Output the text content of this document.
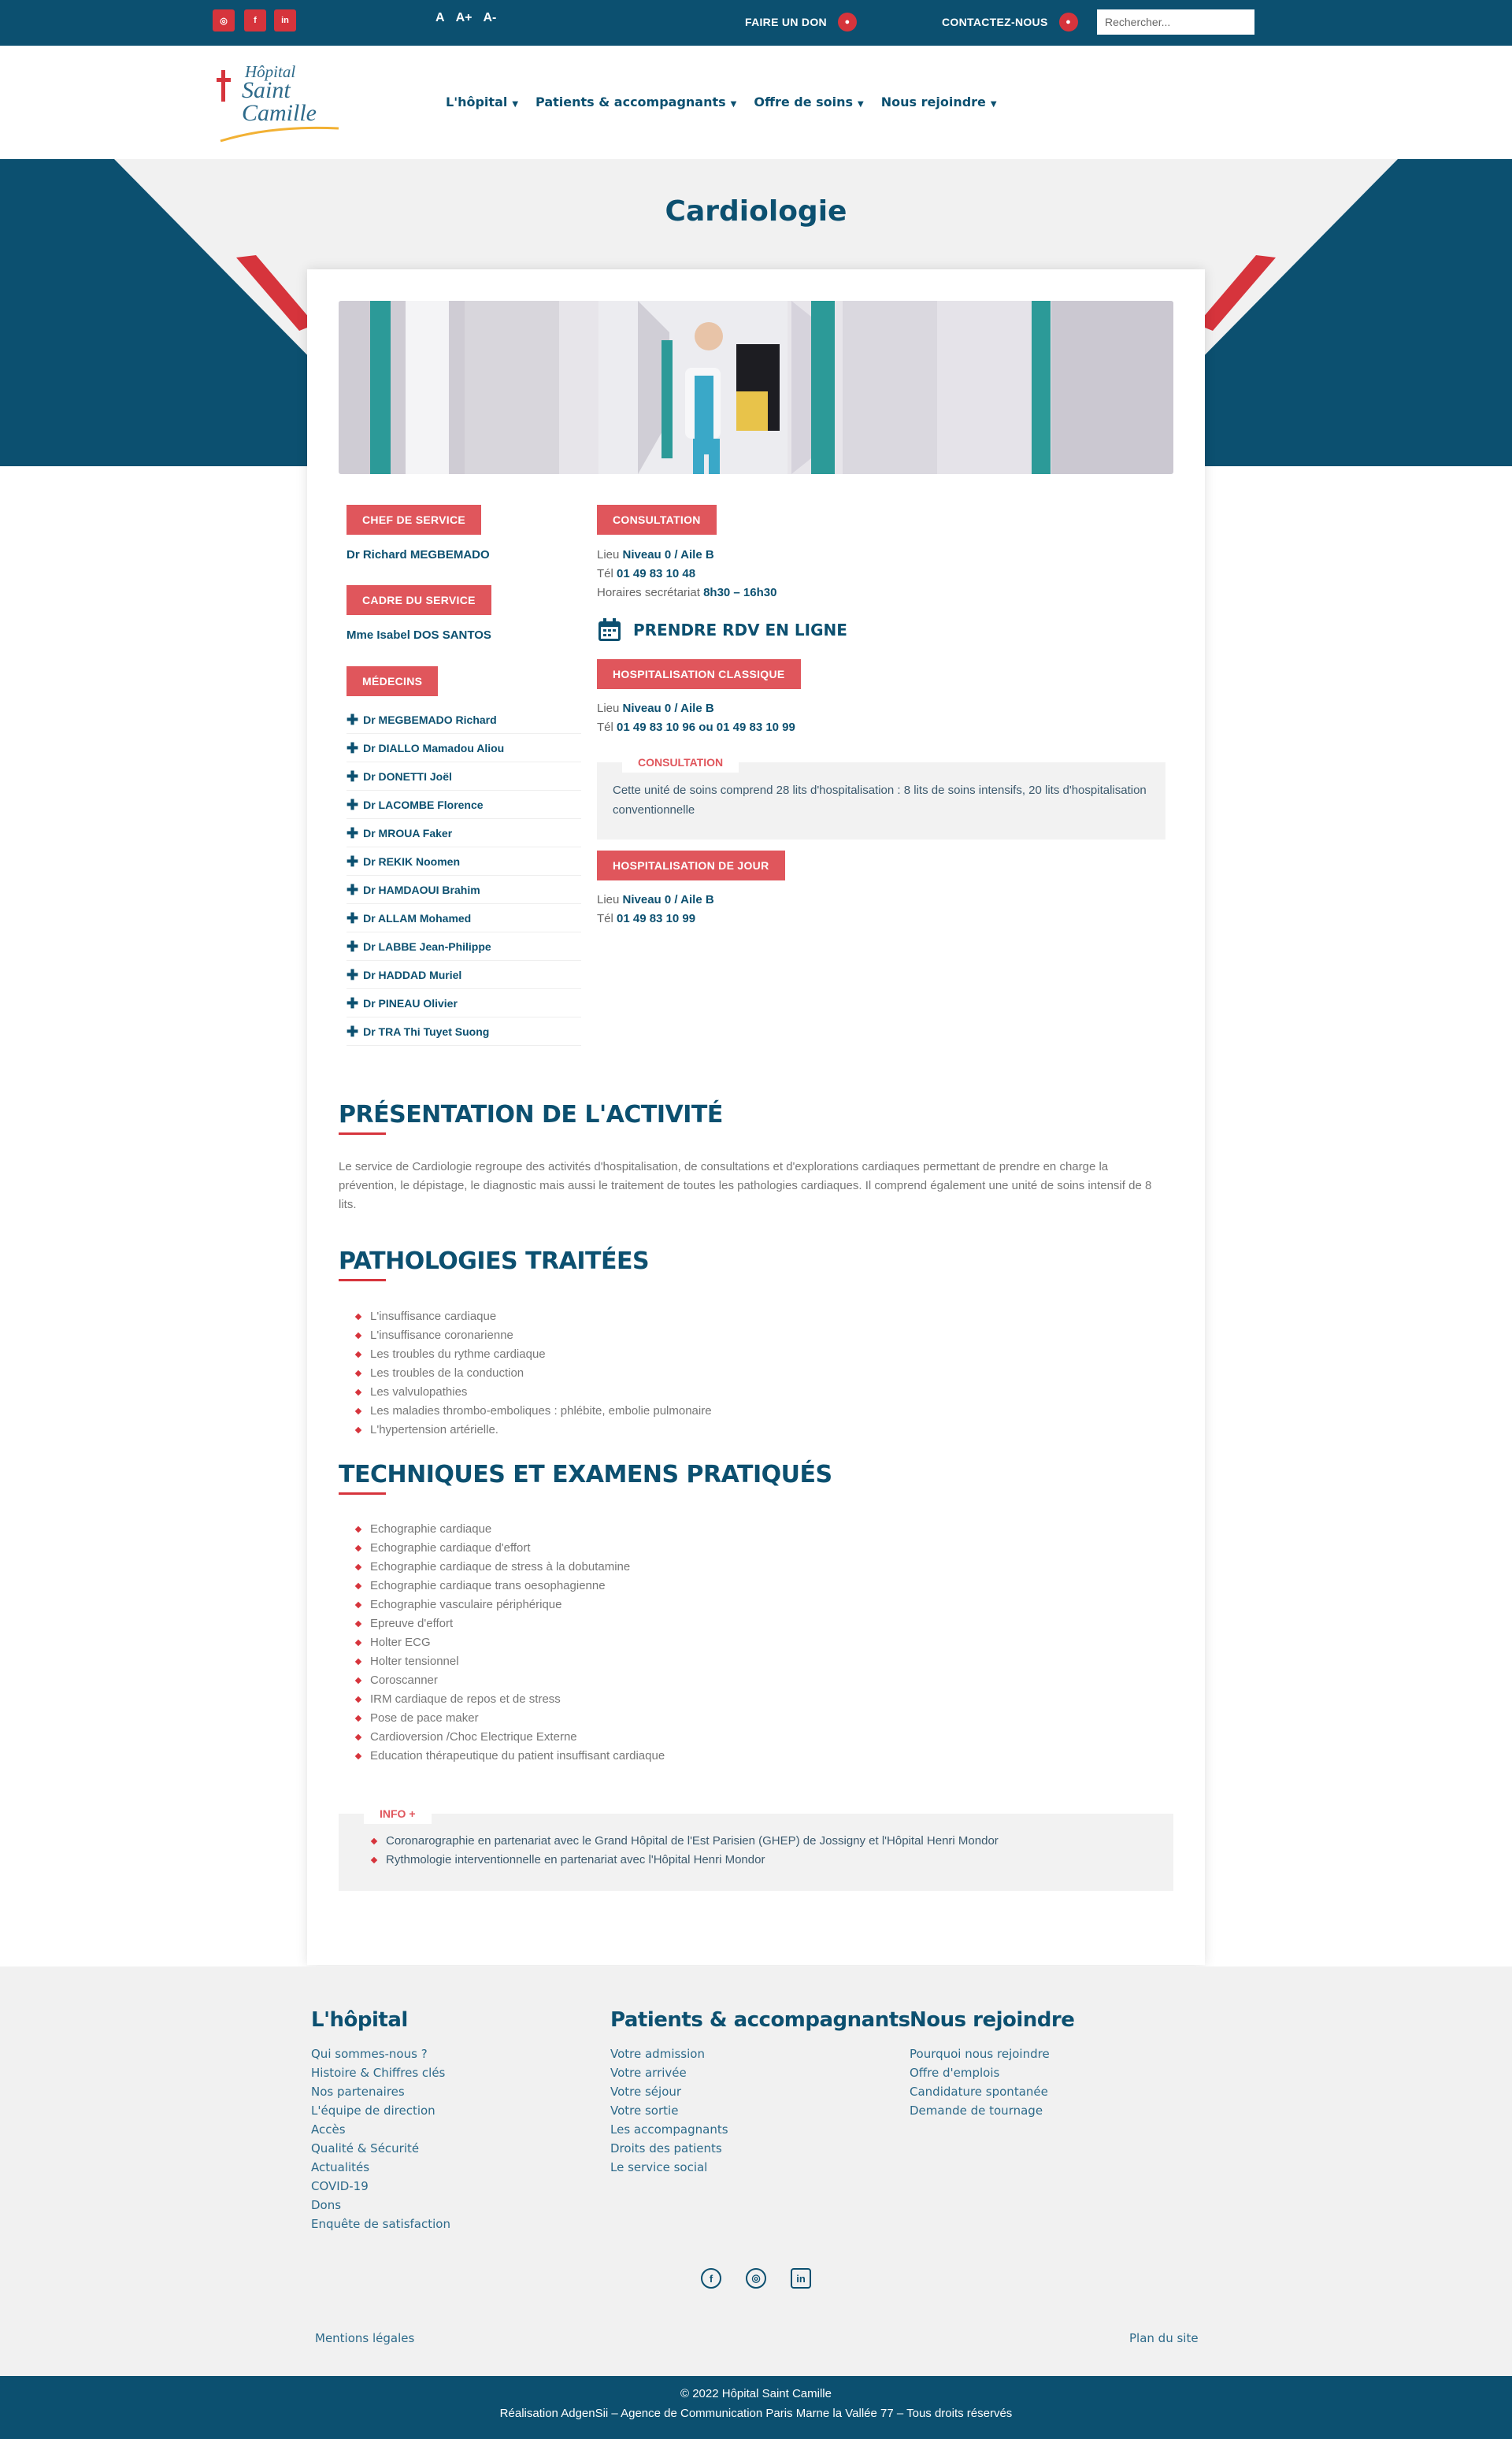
◎	f	in	A A+ A-	FAIRE UN DON	●	CONTACTEZ-NOUS	●
Rechercher...
Hôpital
Saint
Camille	L'hôpital ▼ Patients & accompagnants ▼ Offre de soins ▼ Nous rejoindre ▼
Cardiologie
CHEF DE SERVICE
Dr Richard MEGBEMADO
CADRE DU SERVICE
Mme Isabel DOS SANTOS
MÉDECINS
✚ Dr MEGBEMADO Richard
✚ Dr DIALLO Mamadou Aliou
✚ Dr DONETTI Joël
✚ Dr LACOMBE Florence
✚ Dr MROUA Faker
✚ Dr REKIK Noomen
✚ Dr HAMDAOUI Brahim
✚ Dr ALLAM Mohamed
✚ Dr LABBE Jean-Philippe
✚ Dr HADDAD Muriel
✚ Dr PINEAU Olivier
✚ Dr TRA Thi Tuyet Suong
CONSULTATION
Lieu Niveau 0 / Aile B
Tél 01 49 83 10 48
Horaires secrétariat 8h30 – 16h30
PRENDRE RDV EN LIGNE
HOSPITALISATION CLASSIQUE
Lieu Niveau 0 / Aile B
Tél 01 49 83 10 96 ou 01 49 83 10 99
CONSULTATION
Cette unité de soins comprend 28 lits d'hospitalisation : 8 lits de soins intensifs, 20 lits d'hospitalisation conventionnelle
HOSPITALISATION DE JOUR
Lieu Niveau 0 / Aile B
Tél 01 49 83 10 99
PRÉSENTATION DE L'ACTIVITÉ

Le service de Cardiologie regroupe des activités d'hospitalisation, de consultations et d'explorations cardiaques permettant de prendre en charge la prévention, le dépistage, le diagnostic mais aussi le traitement de toutes les pathologies cardiaques. Il comprend également une unité de soins intensif de 8 lits.

PATHOLOGIES TRAITÉES
L'insuffisance cardiaque
L'insuffisance coronarienne
Les troubles du rythme cardiaque
Les troubles de la conduction
Les valvulopathies
Les maladies thrombo-emboliques : phlébite, embolie pulmonaire
L'hypertension artérielle.
TECHNIQUES ET EXAMENS PRATIQUÉS
Echographie cardiaque
Echographie cardiaque d'effort
Echographie cardiaque de stress à la dobutamine
Echographie cardiaque trans oesophagienne
Echographie vasculaire périphérique
Epreuve d'effort
Holter ECG
Holter tensionnel
Coroscanner
IRM cardiaque de repos et de stress
Pose de pace maker
Cardioversion /Choc Electrique Externe
Education thérapeutique du patient insuffisant cardiaque
INFO +
Coronarographie en partenariat avec le Grand Hôpital de l'Est Parisien (GHEP) de Jossigny et l'Hôpital Henri Mondor
Rythmologie interventionnelle en partenariat avec l'Hôpital Henri Mondor
L'hôpital
Qui sommes-nous ?
Histoire & Chiffres clés
Nos partenaires
L'équipe de direction
Accès
Qualité & Sécurité
Actualités
COVID-19
Dons
Enquête de satisfaction
Patients & accompagnants
Votre admission
Votre arrivée
Votre séjour
Votre sortie
Les accompagnants
Droits des patients
Le service social
Nous rejoindre
Pourquoi nous rejoindre
Offre d'emplois
Candidature spontanée
Demande de tournage
f	◎	in
Mentions légales	Plan du site
© 2022 Hôpital Saint Camille
Réalisation AdgenSii – Agence de Communication Paris Marne la Vallée 77 – Tous droits réservés
